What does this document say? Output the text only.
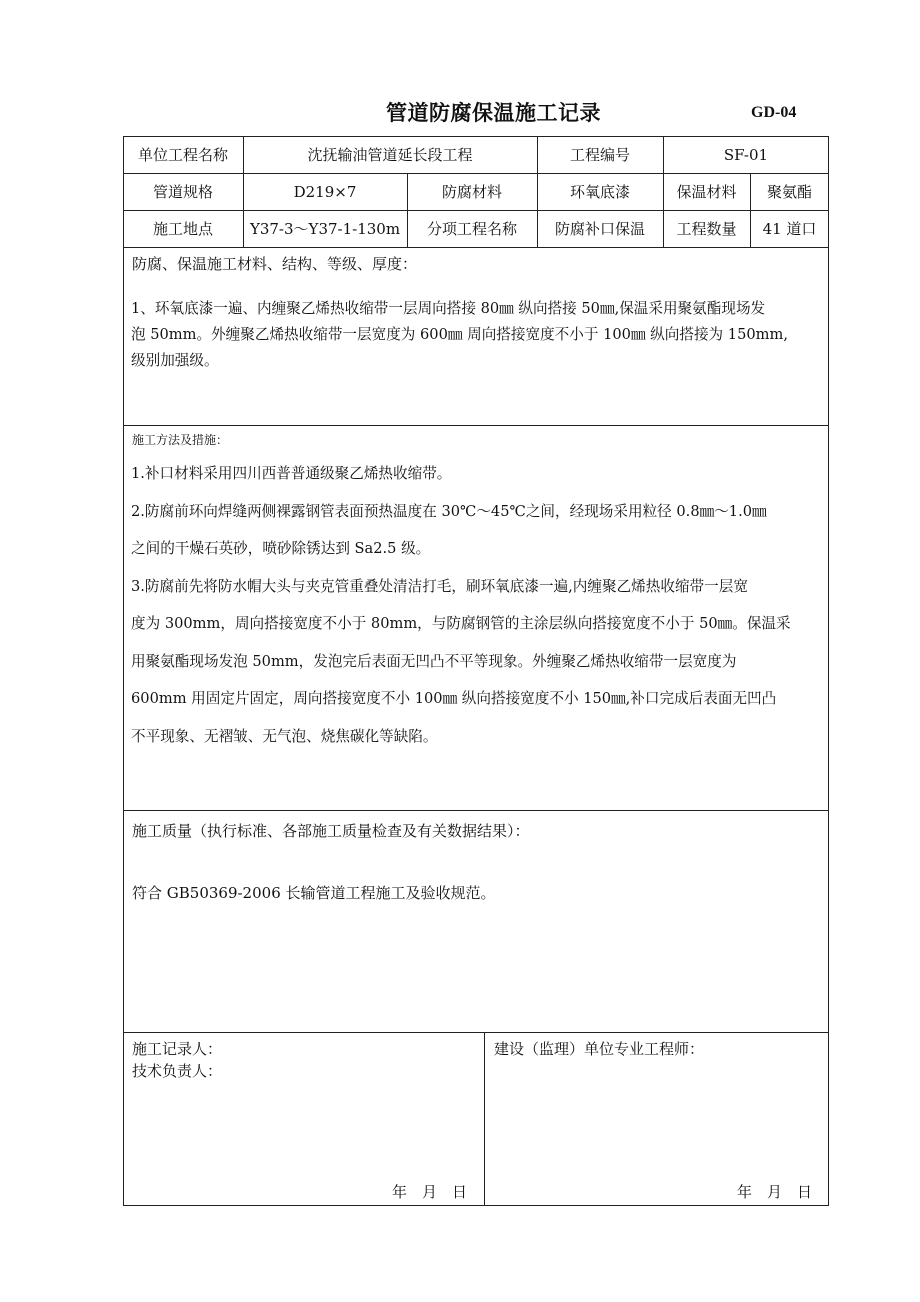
管道防腐保温施工记录	GD-04
单位工程名称	沈抚输油管道延长段工程	工程编号	SF-01
管道规格	D219×7	防腐材料	环氧底漆	保温材料	聚氨酯
施工地点	Y37-3～Y37-1-130m	分项工程名称	防腐补口保温	工程数量	41 道口
防腐、保温施工材料、结构、等级、厚度：
1、环氧底漆一遍、内缠聚乙烯热收缩带一层周向搭接 80㎜ 纵向搭接 50㎜,保温采用聚氨酯现场发
泡 50mm。外缠聚乙烯热收缩带一层宽度为 600㎜ 周向搭接宽度不小于 100㎜ 纵向搭接为 150mm,
级别加强级。
施工方法及措施：
1.补口材料采用四川西普普通级聚乙烯热收缩带。
2.防腐前环向焊缝两侧裸露钢管表面预热温度在 30℃～45℃之间，经现场采用粒径 0.8㎜～1.0㎜
之间的干燥石英砂，喷砂除锈达到 Sa2.5 级。
3.防腐前先将防水帽大头与夹克管重叠处清洁打毛，刷环氧底漆一遍,内缠聚乙烯热收缩带一层宽
度为 300mm，周向搭接宽度不小于 80mm，与防腐钢管的主涂层纵向搭接宽度不小于 50㎜。保温采
用聚氨酯现场发泡 50mm，发泡完后表面无凹凸不平等现象。外缠聚乙烯热收缩带一层宽度为
600mm 用固定片固定，周向搭接宽度不小 100㎜ 纵向搭接宽度不小 150㎜,补口完成后表面无凹凸
不平现象、无褶皱、无气泡、烧焦碳化等缺陷。
施工质量（执行标准、各部施工质量检查及有关数据结果）：
符合 GB50369-2006 长输管道工程施工及验收规范。
施工记录人：
技术负责人：
年　月　日
建设（监理）单位专业工程师：
年　月　日
